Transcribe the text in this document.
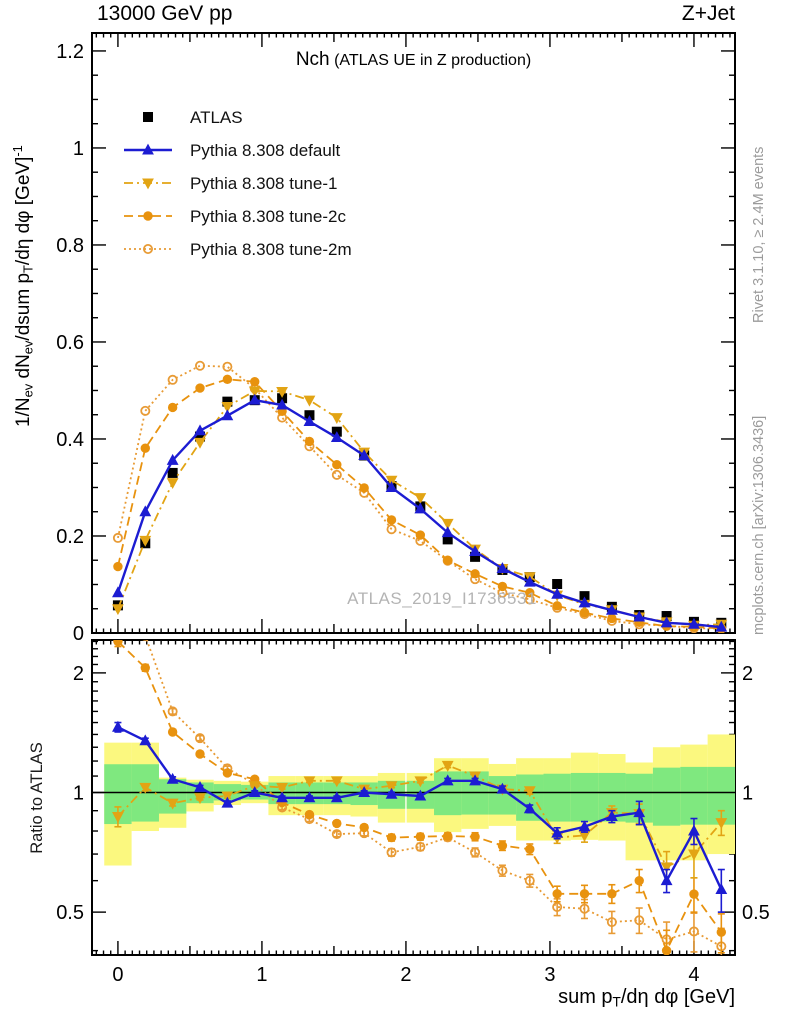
0.2
0.4
0.6
0.8
1
1.2
0
0	1	2	3	4
0.5	0.5
1	1
2	2
ATLAS
Pythia 8.308 default
Pythia 8.308 tune-1
Pythia 8.308 tune-2c
Pythia 8.308 tune-2m
13000 GeV pp	Z+Jet
Nch (ATLAS UE in Z production)
ATLAS_2019_I1736531
1/Nev dNev/dsum pT/dη dφ [GeV]$^{-1}$
Ratio to ATLAS
sum pT/dη dφ [GeV]
Rivet 3.1.10, ≥ 2.4M events
mcplots.cern.ch [arXiv:1306.3436]
